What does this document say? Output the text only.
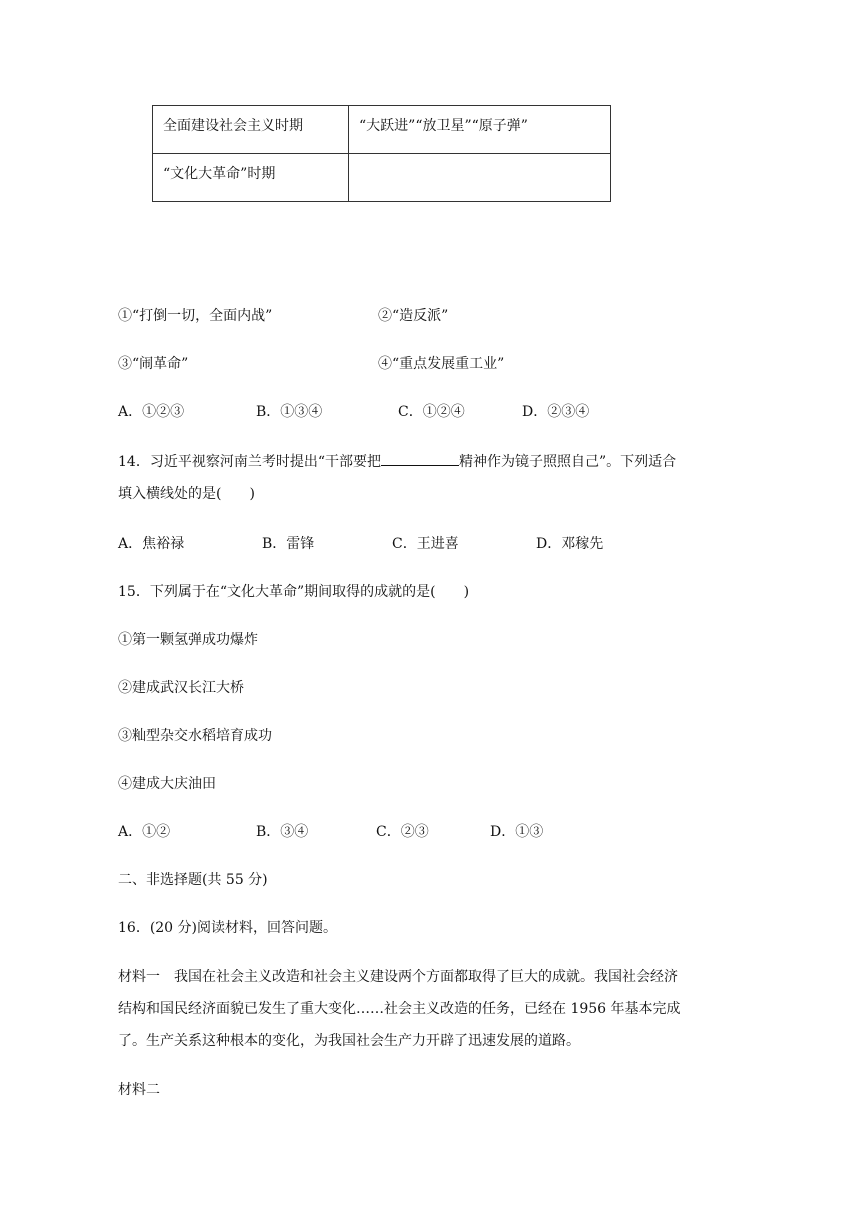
全面建设社会主义时期	“大跃进”“放卫星”“原子弹”
“文化大革命”时期	
①“打倒一切，全面内战”	②“造反派”
③“闹革命”	④“重点发展重工业”
A．①②③	B．①③④	C．①②④	D．②③④
14．习近平视察河南兰考时提出“干部要把	精神作为镜子照照自己”。下列适合
填入横线处的是(　　)
A．焦裕禄	B．雷锋	C．王进喜	D．邓稼先
15．下列属于在“文化大革命”期间取得的成就的是(　　)
①第一颗氢弹成功爆炸
②建成武汉长江大桥
③籼型杂交水稻培育成功
④建成大庆油田
A．①②	B．③④	C．②③	D．①③
二、非选择题(共 55 分)
16．(20 分)阅读材料，回答问题。
材料一　我国在社会主义改造和社会主义建设两个方面都取得了巨大的成就。我国社会经济
结构和国民经济面貌已发生了重大变化……社会主义改造的任务，已经在 1956 年基本完成
了。生产关系这种根本的变化，为我国社会生产力开辟了迅速发展的道路。
材料二
